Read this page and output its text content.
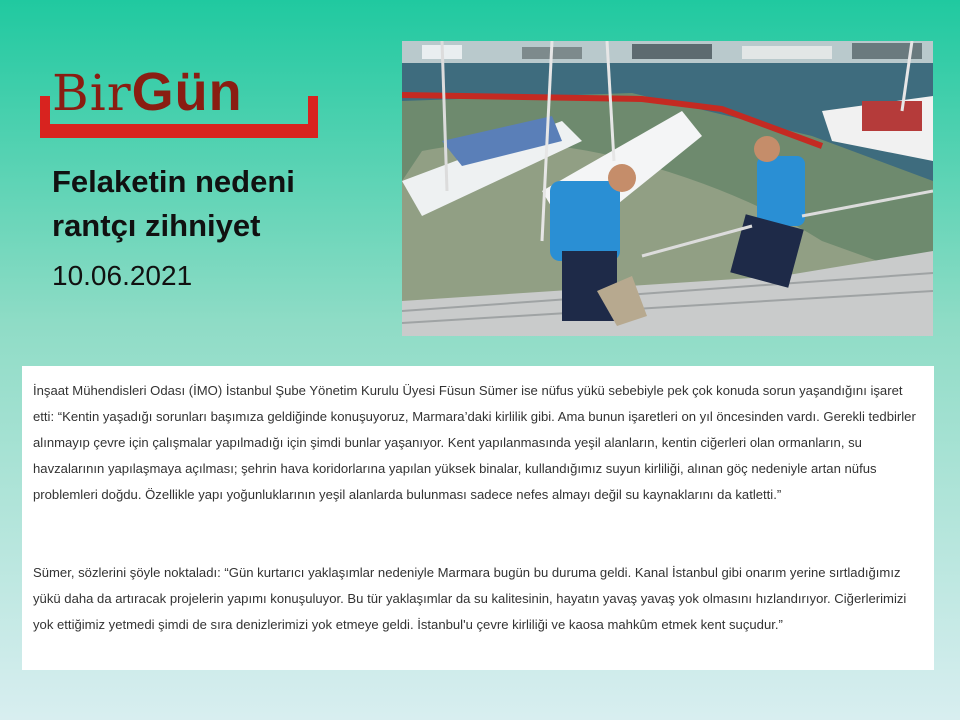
BirGün
Felaketin nedeni
rantçı zihniyet
10.06.2021

İnşaat Mühendisleri Odası (İMO) İstanbul Şube Yönetim Kurulu Üyesi Füsun Sümer ise nüfus yükü sebebiyle pek çok konuda sorun yaşandığını işaret etti: “Kentin yaşadığı sorunları başımıza geldiğinde konuşuyoruz, Marmara’daki kirlilik gibi. Ama bunun işaretleri on yıl öncesinden vardı. Gerekli tedbirler alınmayıp çevre için çalışmalar yapılmadığı için şimdi bunlar yaşanıyor. Kent yapılanmasında yeşil alanların, kentin ciğerleri olan ormanların, su havzalarının yapılaşmaya açılması; şehrin hava koridorlarına yapılan yüksek binalar, kullandığımız suyun kirliliği, alınan göç nedeniyle artan nüfus problemleri doğdu. Özellikle yapı yoğunluklarının yeşil alanlarda bulunması sadece nefes almayı değil su kaynaklarını da katletti.”

Sümer, sözlerini şöyle noktaladı: “Gün kurtarıcı yaklaşımlar nedeniyle Marmara bugün bu duruma geldi. Kanal İstanbul gibi onarım yerine sırtladığımız yükü daha da artıracak projelerin yapımı konuşuluyor. Bu tür yaklaşımlar da su kalitesinin, hayatın yavaş yavaş yok olmasını hızlandırıyor. Ciğerlerimizi yok ettiğimiz yetmedi şimdi de sıra denizlerimizi yok etmeye geldi. İstanbul'u çevre kirliliği ve kaosa mahkûm etmek kent suçudur.”
